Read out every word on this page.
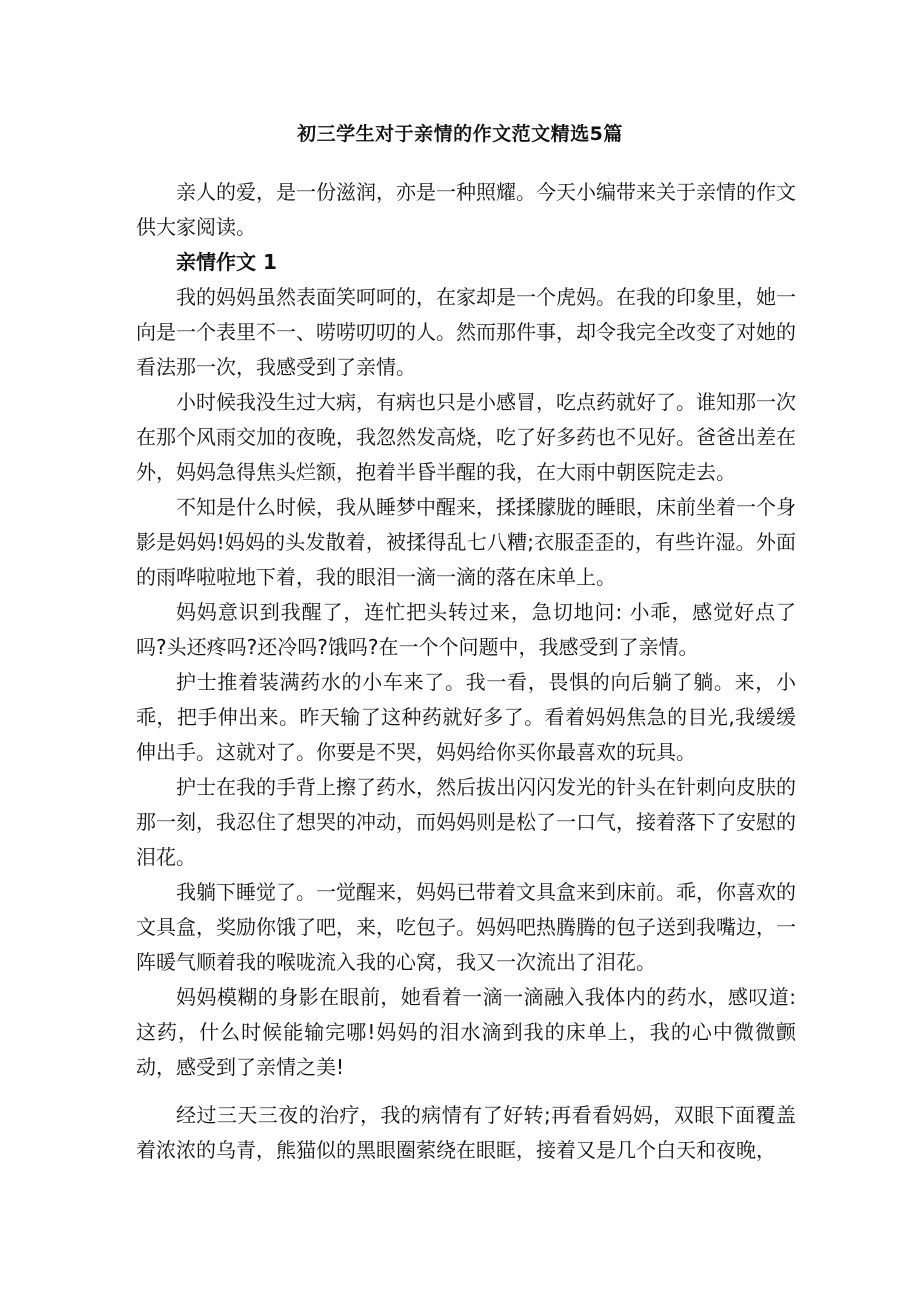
初三学生对于亲情的作文范文精选5篇

亲人的爱，是一份滋润，亦是一种照耀。今天小编带来关于亲情的作文供大家阅读。

亲情作文 1

我的妈妈虽然表面笑呵呵的，在家却是一个虎妈。在我的印象里，她一向是一个表里不一、唠唠叨叨的人。然而那件事，却令我完全改变了对她的看法那一次，我感受到了亲情。

小时候我没生过大病，有病也只是小感冒，吃点药就好了。谁知那一次在那个风雨交加的夜晚，我忽然发高烧，吃了好多药也不见好。爸爸出差在外，妈妈急得焦头烂额，抱着半昏半醒的我，在大雨中朝医院走去。

不知是什么时候，我从睡梦中醒来，揉揉朦胧的睡眼，床前坐着一个身影是妈妈!妈妈的头发散着，被揉得乱七八糟;衣服歪歪的，有些许湿。外面的雨哗啦啦地下着，我的眼泪一滴一滴的落在床单上。

妈妈意识到我醒了，连忙把头转过来，急切地问: 小乖，感觉好点了吗?头还疼吗?还冷吗?饿吗?在一个个问题中，我感受到了亲情。

护士推着装满药水的小车来了。我一看，畏惧的向后躺了躺。来，小乖，把手伸出来。昨天输了这种药就好多了。看着妈妈焦急的目光,我缓缓伸出手。这就对了。你要是不哭，妈妈给你买你最喜欢的玩具。

护士在我的手背上擦了药水，然后拔出闪闪发光的针头在针刺向皮肤的那一刻，我忍住了想哭的冲动，而妈妈则是松了一口气，接着落下了安慰的泪花。

我躺下睡觉了。一觉醒来，妈妈已带着文具盒来到床前。乖，你喜欢的文具盒，奖励你饿了吧，来，吃包子。妈妈吧热腾腾的包子送到我嘴边，一阵暖气顺着我的喉咙流入我的心窝，我又一次流出了泪花。

妈妈模糊的身影在眼前，她看着一滴一滴融入我体内的药水，感叹道: 这药，什么时候能输完哪!妈妈的泪水滴到我的床单上，我的心中微微颤动，感受到了亲情之美!

经过三天三夜的治疗，我的病情有了好转;再看看妈妈，双眼下面覆盖着浓浓的乌青，熊猫似的黑眼圈萦绕在眼眶，接着又是几个白天和夜晚，
